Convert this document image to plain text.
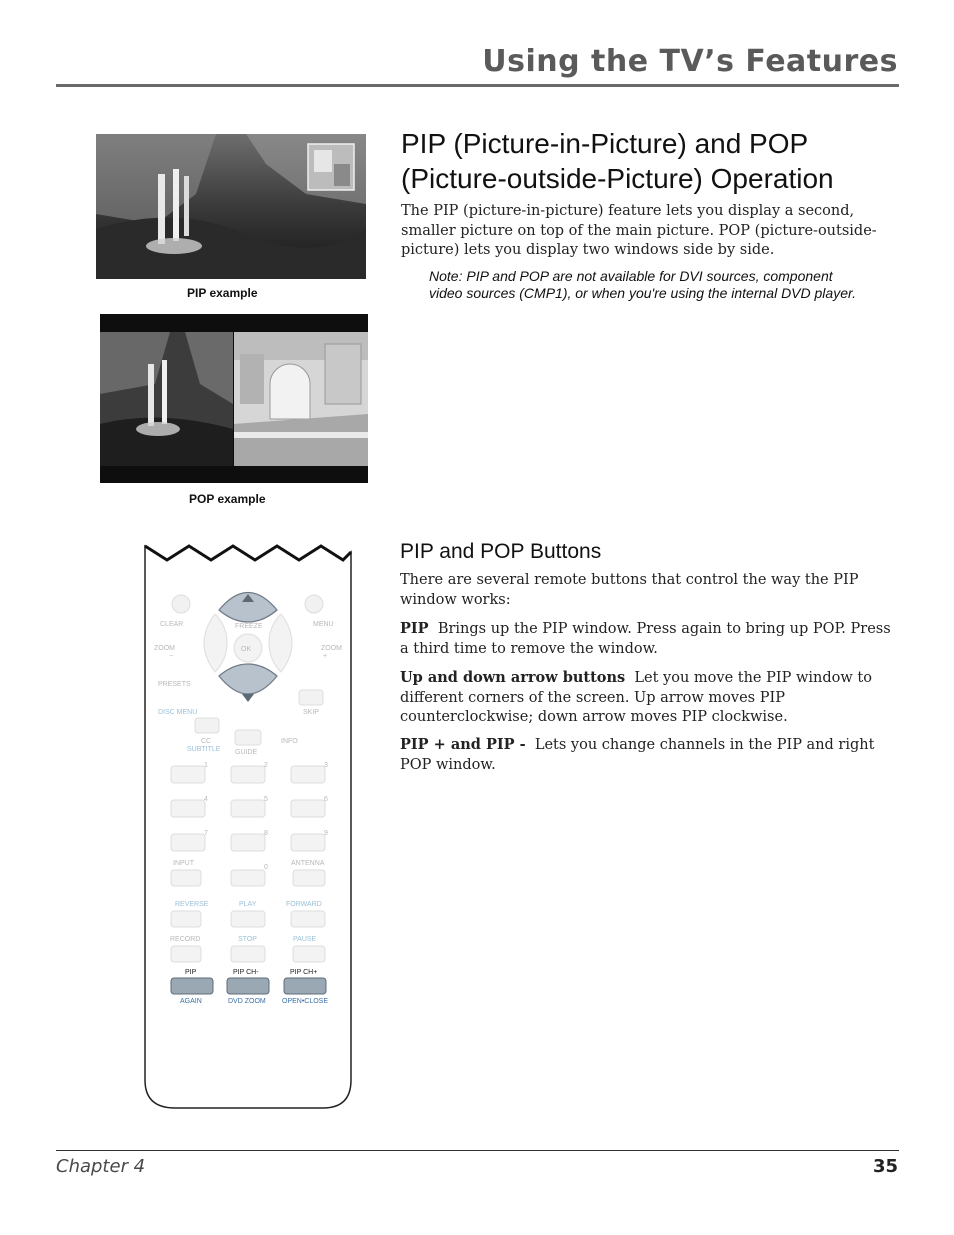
Using the TV’s Features
PIP example
POP example
PIP (Picture-in-Picture) and POP (Picture-outside-Picture) Operation

The PIP (picture-in-picture) feature lets you display a second, smaller picture on top of the main picture. POP (picture-outside-picture) lets you display two windows side by side.

Note: PIP and POP are not available for DVI sources, component video sources (CMP1), or when you're using the internal DVD player.

PIP and POP Buttons

There are several remote buttons that control the way the PIP window works:

PIP Brings up the PIP window. Press again to bring up POP. Press a third time to remove the window.

Up and down arrow buttons Let you move the PIP window to different corners of the screen. Up arrow moves PIP counterclockwise; down arrow moves PIP clockwise.

PIP + and PIP - Lets you change channels in the PIP and right POP window.

CLEAR	MENU
OK
FREEZE
ZOOM
−
ZOOM
+
PRESETS
DISC MENU	SKIP
CC
SUBTITLE GUIDE
INFO
1	2	3
4	5	6
7	8	9
INPUT
0
ANTENNA
REVERSE	PLAY	FORWARD
RECORD	STOP	PAUSE
PIP
AGAIN
PIP CH-
DVD ZOOM
PIP CH+
OPEN•CLOSE
Chapter 4	35
